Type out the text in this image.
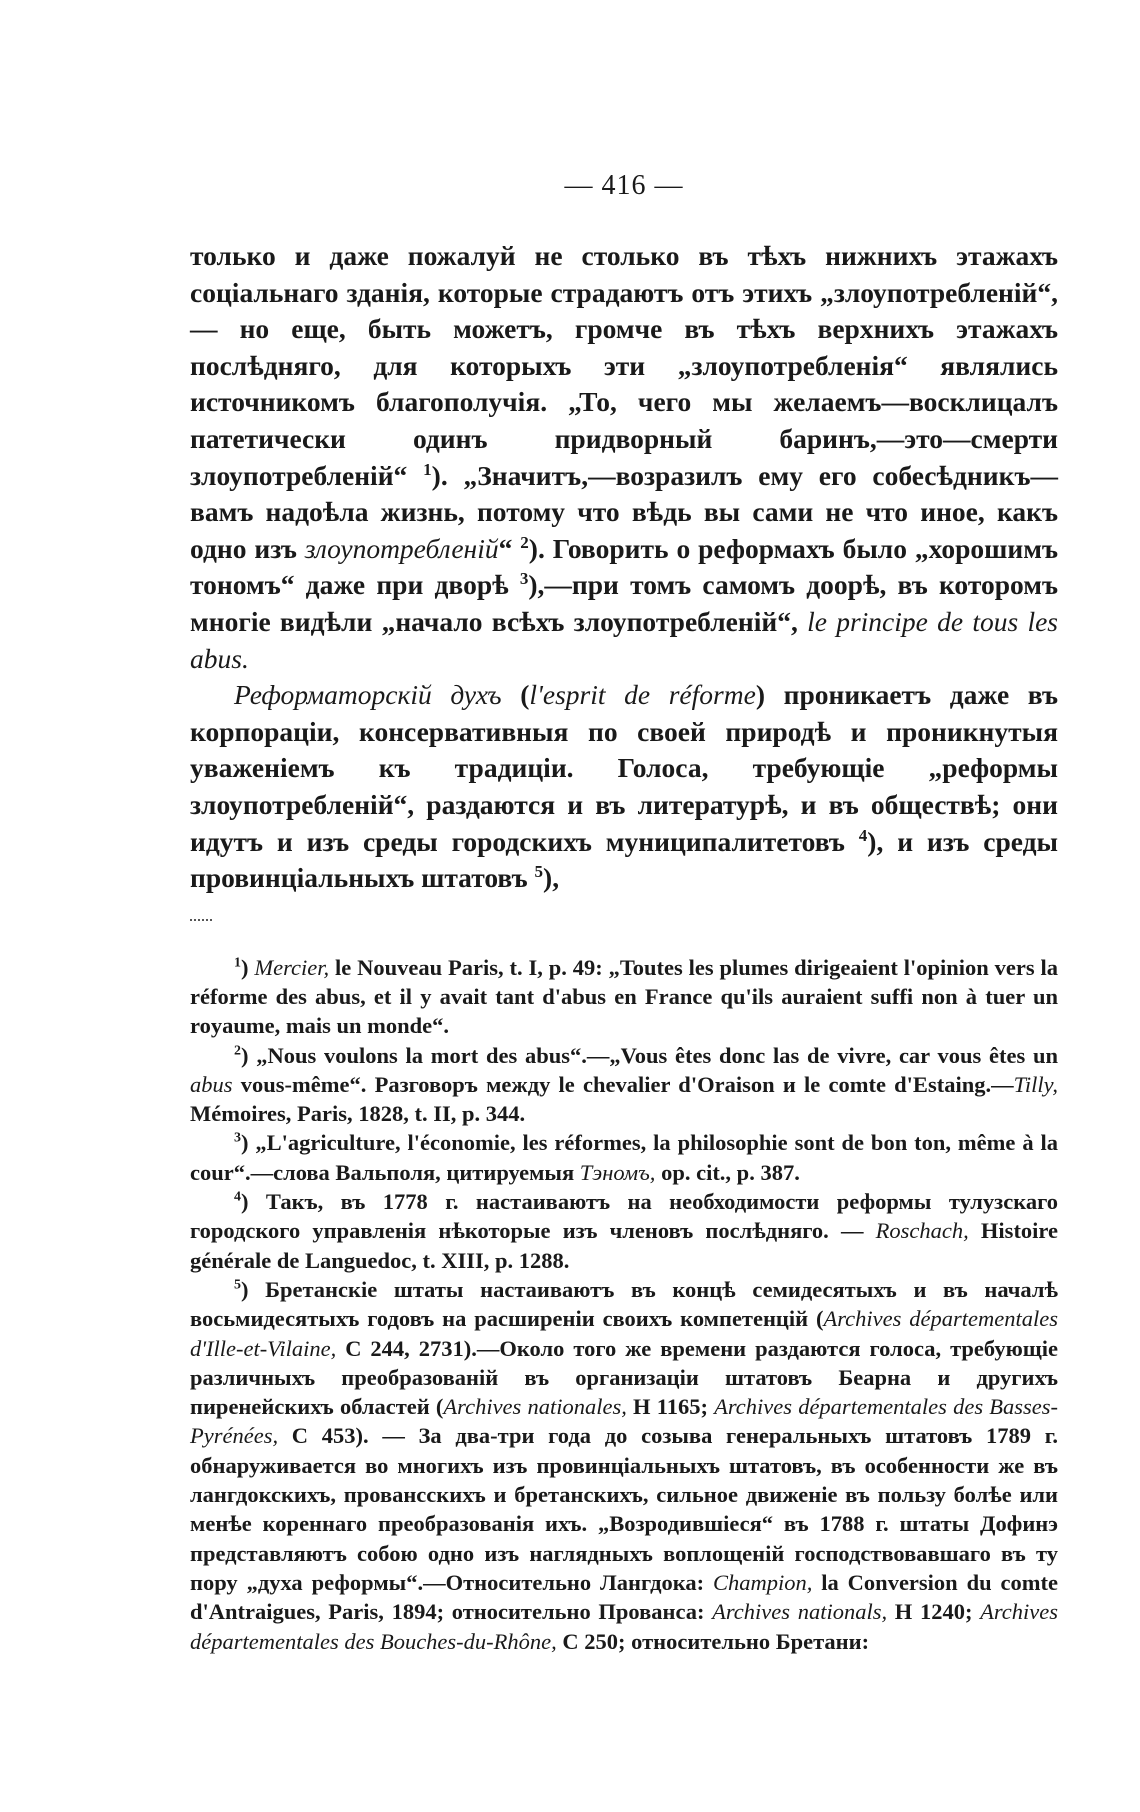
— 416 —

только и даже пожалуй не столько въ тѣхъ нижнихъ этажахъ соціальнаго зданія, которые страдаютъ отъ этихъ „злоупотребленій“,— но еще, быть можетъ, громче въ тѣхъ верхнихъ этажахъ послѣдняго, для которыхъ эти „злоупотребленія“ являлись источникомъ благополучія. „То, чего мы желаемъ—восклицалъ патетически одинъ придворный баринъ,—это—смерти злоупотребленій“ $^1$). „Значитъ,—возразилъ ему его собесѣдникъ—вамъ надоѣла жизнь, потому что вѣдь вы сами не что иное, какъ одно изъ злоупотребленій“ $^2$). Говорить о реформахъ было „хорошимъ тономъ“ даже при дворѣ $^3$),—при томъ самомъ доорѣ, въ которомъ многіе видѣли „начало всѣхъ злоупотребленій“, le principe de tous les abus.

Реформаторскій духъ (l'esprit de réforme) проникаетъ даже въ корпораціи, консервативныя по своей природѣ и проникнутыя уваженіемъ къ традиціи. Голоса, требующіе „реформы злоупотребленій“, раздаются и въ литературѣ, и въ обществѣ; они идутъ и изъ среды городскихъ муниципалитетовъ $^4$), и изъ среды провинціальныхъ штатовъ $^5$),

$^1$) Mercier, le Nouveau Paris, t. I, p. 49: „Toutes les plumes dirigeaient l'opinion vers la réforme des abus, et il y avait tant d'abus en France qu'ils auraient suffi non à tuer un royaume, mais un monde“.

$^2$) „Nous voulons la mort des abus“.—„Vous êtes donc las de vivre, car vous êtes un abus vous-même“. Разговоръ между le chevalier d'Oraison и le comte d'Estaing.—Tilly, Mémoires, Paris, 1828, t. II, p. 344.

$^3$) „L'agriculture, l'économie, les réformes, la philosophie sont de bon ton, même à la cour“.—слова Вальполя, цитируемыя Тэномъ, op. cit., p. 387.

$^4$) Такъ, въ 1778 г. настаиваютъ на необходимости реформы тулузскаго городского управленія нѣкоторые изъ членовъ послѣдняго. — Roschach, Histoire générale de Languedoc, t. XIII, p. 1288.

$^5$) Бретанскіе штаты настаиваютъ въ концѣ семидесятыхъ и въ началѣ восьмидесятыхъ годовъ на расширеніи своихъ компетенцій (Archives départementales d'Ille-et-Vilaine, C 244, 2731).—Около того же времени раздаются голоса, требующіе различныхъ преобразованій въ организаціи штатовъ Беарна и другихъ пиренейскихъ областей (Archives nationales, H 1165; Archives départementales des Basses-Pyrénées, C 453). — За два-три года до созыва генеральныхъ штатовъ 1789 г. обнаруживается во многихъ изъ провинціальныхъ штатовъ, въ особенности же въ лангдокскихъ, провансскихъ и бретанскихъ, сильное движеніе въ пользу болѣе или менѣе кореннаго преобразованія ихъ. „Возродившіеся“ въ 1788 г. штаты Дофинэ представляютъ собою одно изъ наглядныхъ воплощеній господствовавшаго въ ту пору „духа реформы“.—Относительно Лангдока: Champion, la Conversion du comte d'Antraigues, Paris, 1894; относительно Прованса: Archives nationals, H 1240; Archives départementales des Bouches-du-Rhône, C 250; относительно Бретани:
